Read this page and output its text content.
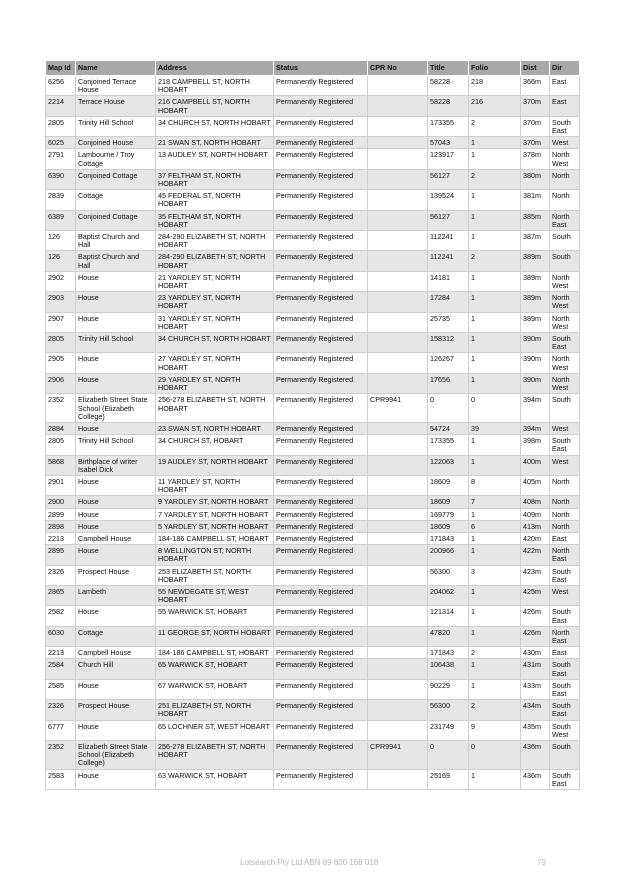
Map Id	Name	Address	Status	CPR No	Title	Folio	Dist	Dir
6256	Conjoined Terrace House	218 CAMPBELL ST, NORTH HOBART	Permanently Registered		58228	218	366m	East
2214	Terrace House	216 CAMPBELL ST, NORTH HOBART	Permanently Registered		58228	216	370m	East
2805	Trinity Hill School	34 CHURCH ST, NORTH HOBART	Permanently Registered		173355	2	370m	South East
6025	Conjoined House	21 SWAN ST, NORTH HOBART	Permanently Registered		57043	1	370m	West
2791	Lambourne / Troy Cottage	13 AUDLEY ST, NORTH HOBART	Permanently Registered		123917	1	378m	North West
6390	Conjoined Cottage	37 FELTHAM ST, NORTH HOBART	Permanently Registered		56127	2	380m	North
2839	Cottage	45 FEDERAL ST, NORTH HOBART	Permanently Registered		139524	1	381m	North
6389	Conjoined Cottage	35 FELTHAM ST, NORTH HOBART	Permanently Registered		56127	1	385m	North East
126	Baptist Church and Hall	284-290 ELIZABETH ST, NORTH HOBART	Permanently Registered		112241	1	387m	South
126	Baptist Church and Hall	284-290 ELIZABETH ST, NORTH HOBART	Permanently Registered		112241	2	389m	South
2902	House	21 YARDLEY ST, NORTH HOBART	Permanently Registered		14181	1	389m	North West
2903	House	23 YARDLEY ST, NORTH HOBART	Permanently Registered		17284	1	389m	North West
2907	House	31 YARDLEY ST, NORTH HOBART	Permanently Registered		25735	1	389m	North West
2805	Trinity Hill School	34 CHURCH ST, NORTH HOBART	Permanently Registered		158312	1	390m	South East
2905	House	27 YARDLEY ST, NORTH HOBART	Permanently Registered		126267	1	390m	North West
2906	House	29 YARDLEY ST, NORTH HOBART	Permanently Registered		17656	1	390m	North West
2352	Elizabeth Street State School (Elizabeth College)	256-278 ELIZABETH ST, NORTH HOBART	Permanently Registered	CPR9941	0	0	394m	South
2884	House	23 SWAN ST, NORTH HOBART	Permanently Registered		54724	39	394m	West
2805	Trinity Hill School	34 CHURCH ST, HOBART	Permanently Registered		173355	1	398m	South East
5868	Birthplace of writer Isabel Dick	19 AUDLEY ST, NORTH HOBART	Permanently Registered		122063	1	400m	West
2901	House	11 YARDLEY ST, NORTH HOBART	Permanently Registered		18609	8	405m	North
2900	House	9 YARDLEY ST, NORTH HOBART	Permanently Registered		18609	7	408m	North
2899	House	7 YARDLEY ST, NORTH HOBART	Permanently Registered		169779	1	409m	North
2898	House	5 YARDLEY ST, NORTH HOBART	Permanently Registered		18609	6	413m	North
2213	Campbell House	184-186 CAMPBELL ST, HOBART	Permanently Registered		171843	1	420m	East
2895	House	8 WELLINGTON ST, NORTH HOBART	Permanently Registered		200966	1	422m	North East
2326	Prospect House	253 ELIZABETH ST, NORTH HOBART	Permanently Registered		56300	3	423m	South East
2865	Lambeth	55 NEWDEGATE ST, WEST HOBART	Permanently Registered		204062	1	425m	West
2582	House	55 WARWICK ST, HOBART	Permanently Registered		121314	1	426m	South East
6030	Cottage	11 GEORGE ST, NORTH HOBART	Permanently Registered		47820	1	426m	North East
2213	Campbell House	184-186 CAMPBELL ST, HOBART	Permanently Registered		171843	2	430m	East
2584	Church Hill	65 WARWICK ST, HOBART	Permanently Registered		106438	1	431m	South East
2585	House	67 WARWICK ST, HOBART	Permanently Registered		90229	1	433m	South East
2326	Prospect House	251 ELIZABETH ST, NORTH HOBART	Permanently Registered		56300	2	434m	South East
6777	House	65 LOCHNER ST, WEST HOBART	Permanently Registered		231749	9	435m	South West
2352	Elizabeth Street State School (Elizabeth College)	256-278 ELIZABETH ST, NORTH HOBART	Permanently Registered	CPR9941	0	0	436m	South
2583	House	63 WARWICK ST, HOBART	Permanently Registered		25169	1	436m	South East
Lotsearch Pty Ltd ABN 89 600 168 018	79
